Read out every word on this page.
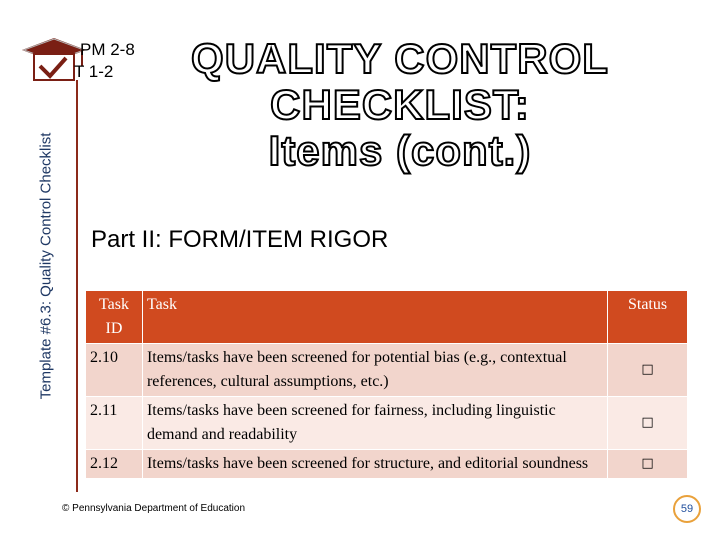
Template #6.3: Quality Control Checklist
PM 2-8
T 1-2 QUALITY CONTROL
CHECKLIST:
Items (cont.)
Part II: FORM/ITEM RIGOR
Task ID	Task	Status
2.10	Items/tasks have been screened for potential bias (e.g., contextual references, cultural assumptions, etc.)	□
2.11	Items/tasks have been screened for fairness, including linguistic demand and readability	□
2.12	Items/tasks have been screened for structure, and editorial soundness	□
© Pennsylvania Department of Education	59
